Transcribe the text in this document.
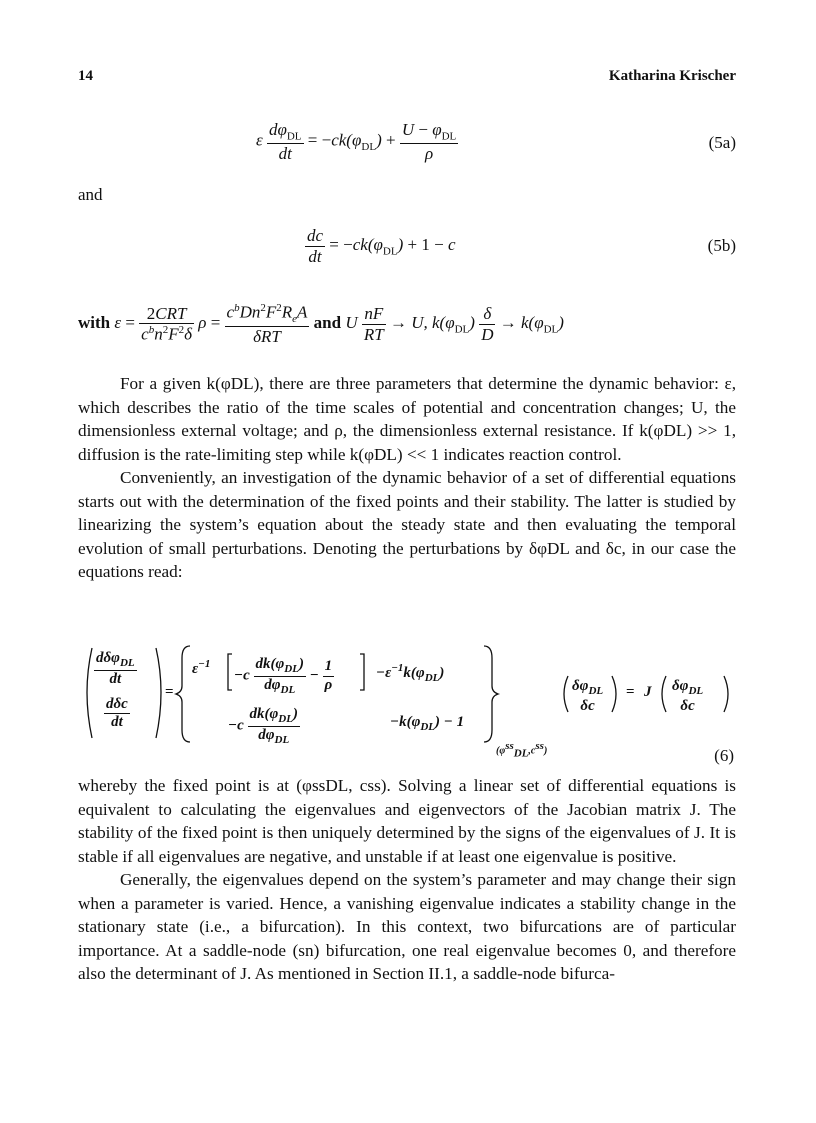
14	Katharina Krischer
ε $\frac{d\varphi_{DL}}{dt} = -ck(\varphi_{DL}) + \frac{U - \varphi_{DL}}{\rho}$	(5a)
and
$\frac{dc}{dt} = -ck(\varphi_{DL}) + 1 - c$	(5b)
with $\varepsilon = \frac{\text{2CRT}}{c^bn^2F^2\delta}$ $\rho = \frac{c^bDn^2F^2R_eA}{\text{δRT}}$ and U $\frac{nF}{RT} \to U$, $k(\varphi_{DL}) \frac{\delta}{D} \to k(\varphi_{DL})$

For a given k(φDL), there are three parameters that determine the dynamic behavior: ε, which describes the ratio of the time scales of potential and concentration changes; U, the dimensionless external voltage; and ρ, the dimensionless external resistance. If k(φDL) >> 1, diffusion is the rate-limiting step while k(φDL) << 1 indicates reaction control.

Conveniently, an investigation of the dynamic behavior of a set of differential equations starts out with the determination of the fixed points and their stability. The latter is studied by linearizing the system’s equation about the steady state and then evaluating the temporal evolution of small perturbations. Denoting the perturbations by δφDL and δc, in our case the equations read:

$\frac{d\delta\varphi_{DL}}{dt}$
$\frac{\text{dδc}}{dt}$
=
$\varepsilon^{-1}$
$-c \frac{dk(\varphi_{DL})}{d\varphi_{DL}} - \frac{1}{\rho}$	$-\varepsilon^{-1}k(\varphi_{DL})$
$-c \frac{dk(\varphi_{DL})}{d\varphi_{DL}}$	$-k(\varphi_{DL}) - 1$
$(\varphi^{ss}_{DL},c^{ss})$
$\delta\varphi_{DL}$
δc
= J $\delta\varphi_{DL}$
δc
(6)

whereby the fixed point is at (φssDL, css). Solving a linear set of differential equations is equivalent to calculating the eigenvalues and eigenvectors of the Jacobian matrix J. The stability of the fixed point is then uniquely determined by the signs of the eigenvalues of J. It is stable if all eigenvalues are negative, and unstable if at least one eigenvalue is positive.

Generally, the eigenvalues depend on the system’s parameter and may change their sign when a parameter is varied. Hence, a vanishing eigenvalue indicates a stability change in the stationary state (i.e., a bifurcation). In this context, two bifurcations are of particular importance. At a saddle-node (sn) bifurcation, one real eigenvalue becomes 0, and therefore also the determinant of J. As mentioned in Section II.1, a saddle-node bifurca-
